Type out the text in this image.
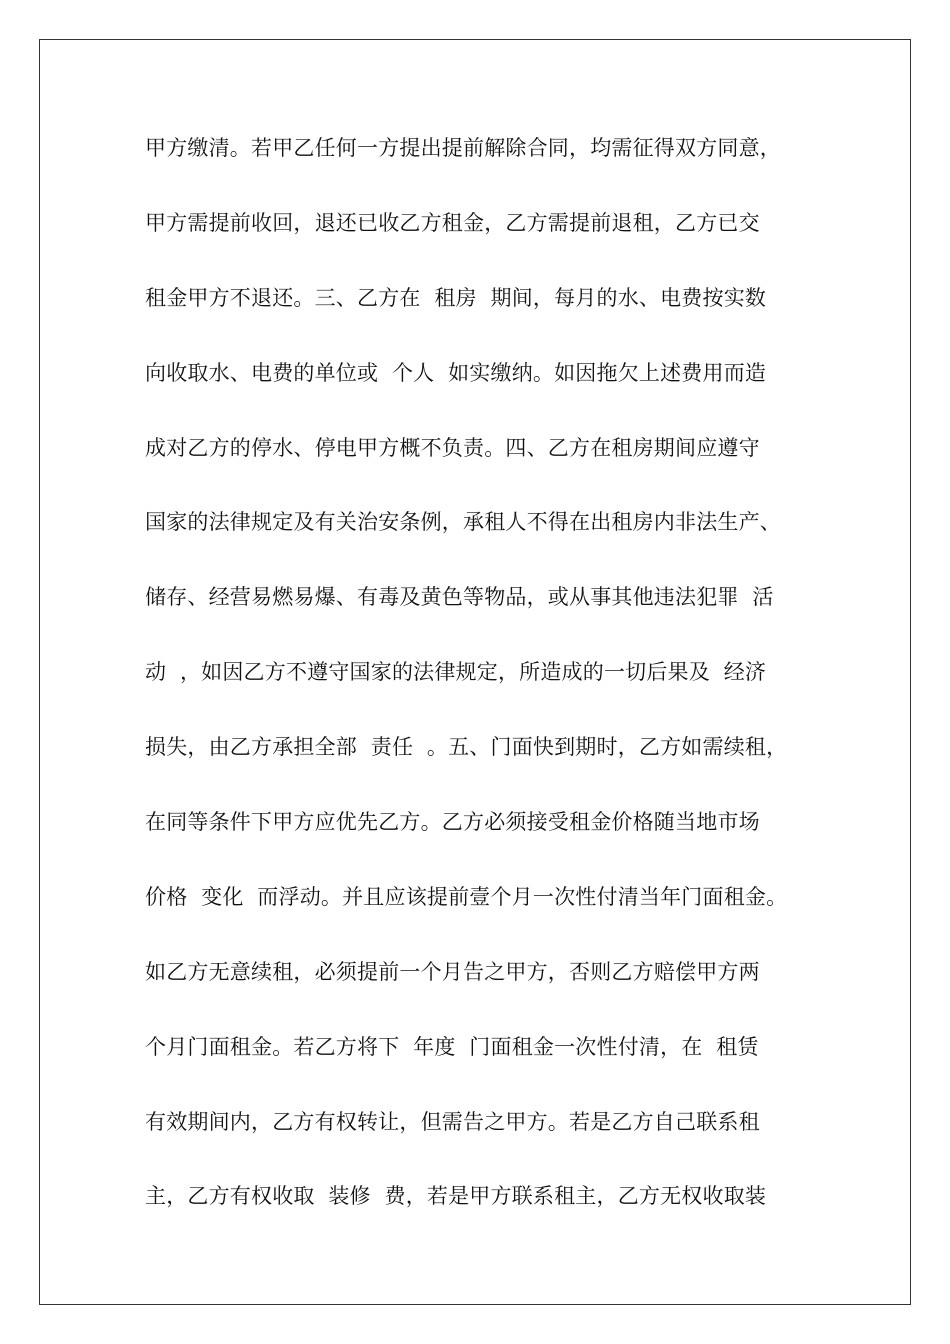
甲方缴清。若甲乙任何一方提出提前解除合同，均需征得双方同意，
甲方需提前收回，退还已收乙方租金，乙方需提前退租，乙方已交
租金甲方不退还。三、乙方在  租房  期间，每月的水、电费按实数
向收取水、电费的单位或  个人  如实缴纳。如因拖欠上述费用而造
成对乙方的停水、停电甲方概不负责。四、乙方在租房期间应遵守
国家的法律规定及有关治安条例，承租人不得在出租房内非法生产、
储存、经营易燃易爆、有毒及黄色等物品，或从事其他违法犯罪  活
动  ，如因乙方不遵守国家的法律规定，所造成的一切后果及  经济
损失，由乙方承担全部  责任  。五、门面快到期时，乙方如需续租，
在同等条件下甲方应优先乙方。乙方必须接受租金价格随当地市场
价格  变化  而浮动。并且应该提前壹个月一次性付清当年门面租金。
如乙方无意续租，必须提前一个月告之甲方，否则乙方赔偿甲方两
个月门面租金。若乙方将下  年度  门面租金一次性付清，在  租赁
有效期间内，乙方有权转让，但需告之甲方。若是乙方自己联系租
主，乙方有权收取  装修  费，若是甲方联系租主，乙方无权收取装
